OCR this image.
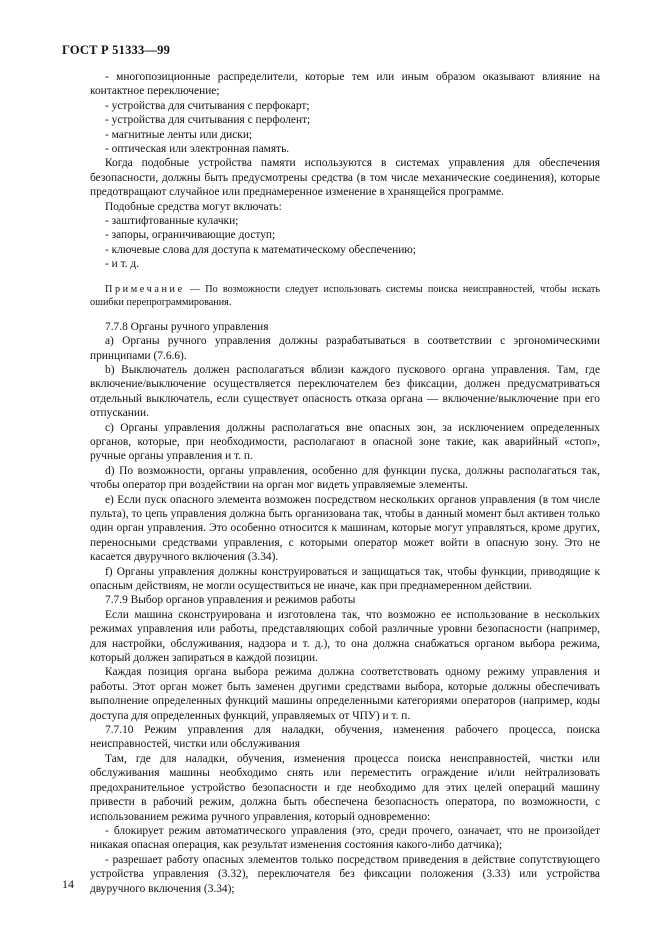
ГОСТ Р 51333—99

- многопозиционные распределители, которые тем или иным образом оказывают влияние на контактное переключение;

- устройства для считывания с перфокарт;

- устройства для считывания с перфолент;

- магнитные ленты или диски;

- оптическая или электронная память.

Когда подобные устройства памяти используются в системах управления для обеспечения безопасности, должны быть предусмотрены средства (в том числе механические соединения), которые предотвращают случайное или преднамеренное изменение в хранящейся программе.

Подобные средства могут включать:

- заштифтованные кулачки;

- запоры, ограничивающие доступ;

- ключевые слова для доступа к математическому обеспечению;

- и т. д.

Примечание — По возможности следует использовать системы поиска неисправностей, чтобы искать ошибки перепрограммирования.

7.7.8 Органы ручного управления

a) Органы ручного управления должны разрабатываться в соответствии с эргономическими принципами (7.6.6).

b) Выключатель должен располагаться вблизи каждого пускового органа управления. Там, где включение/выключение осуществляется переключателем без фиксации, должен предусматриваться отдельный выключатель, если существует опасность отказа органа — включение/выключение при его отпускании.

c) Органы управления должны располагаться вне опасных зон, за исключением определенных органов, которые, при необходимости, располагают в опасной зоне такие, как аварийный «стоп», ручные органы управления и т. п.

d) По возможности, органы управления, особенно для функции пуска, должны располагаться так, чтобы оператор при воздействии на орган мог видеть управляемые элементы.

e) Если пуск опасного элемента возможен посредством нескольких органов управления (в том числе пульта), то цепь управления должна быть организована так, чтобы в данный момент был активен только один орган управления. Это особенно относится к машинам, которые могут управляться, кроме других, переносными средствами управления, с которыми оператор может войти в опасную зону. Это не касается двуручного включения (3.34).

f) Органы управления должны конструироваться и защищаться так, чтобы функции, приводящие к опасным действиям, не могли осуществиться не иначе, как при преднамеренном действии.

7.7.9 Выбор органов управления и режимов работы

Если машина сконструирована и изготовлена так, что возможно ее использование в нескольких режимах управления или работы, представляющих собой различные уровни безопасности (например, для настройки, обслуживания, надзора и т. д.), то она должна снабжаться органом выбора режима, который должен запираться в каждой позиции.

Каждая позиция органа выбора режима должна соответствовать одному режиму управления и работы. Этот орган может быть заменен другими средствами выбора, которые должны обеспечивать выполнение определенных функций машины определенными категориями операторов (например, коды доступа для определенных функций, управляемых от ЧПУ) и т. п.

7.7.10 Режим управления для наладки, обучения, изменения рабочего процесса, поиска неисправностей, чистки или обслуживания

Там, где для наладки, обучения, изменения процесса поиска неисправностей, чистки или обслуживания машины необходимо снять или переместить ограждение и/или нейтрализовать предохранительное устройство безопасности и где необходимо для этих целей операций машину привести в рабочий режим, должна быть обеспечена безопасность оператора, по возможности, с использованием режима ручного управления, который одновременно:

- блокирует режим автоматического управления (это, среди прочего, означает, что не произойдет никакая опасная операция, как результат изменения состояния какого-либо датчика);

- разрешает работу опасных элементов только посредством приведения в действие сопутствующего устройства управления (3.32), переключателя без фиксации положения (3.33) или устройства двуручного включения (3.34);

14
